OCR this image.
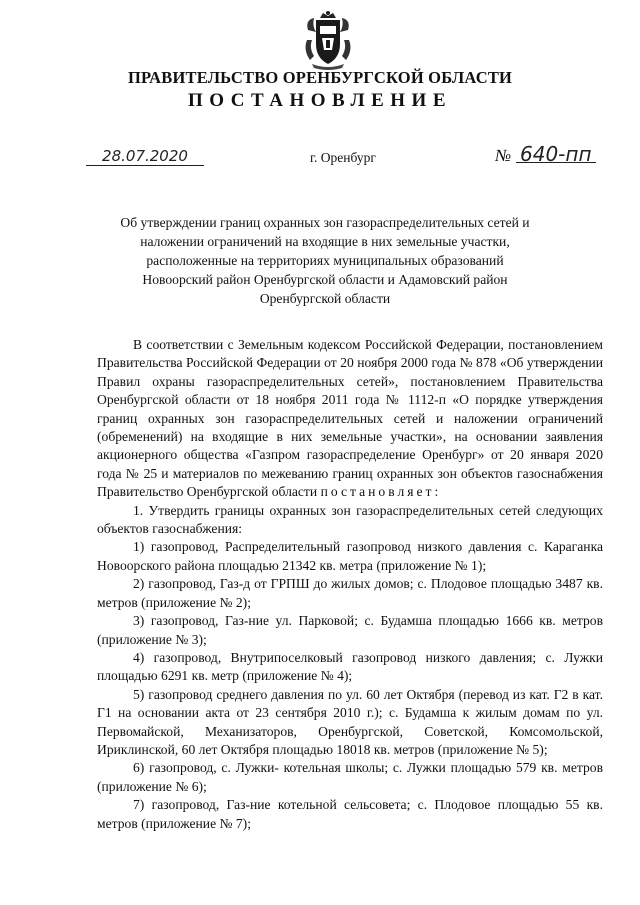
ПРАВИТЕЛЬСТВО ОРЕНБУРГСКОЙ ОБЛАСТИ
ПОСТАНОВЛЕНИЕ
28.07.2020	г. Оренбург	№ 640-пп
Об утверждении границ охранных зон газораспределительных сетей и
наложении ограничений на входящие в них земельные участки,
расположенные на территориях муниципальных образований
Новоорский район Оренбургской области и Адамовский район
Оренбургской области

В соответствии с Земельным кодексом Российской Федерации, постановлением Правительства Российской Федерации от 20 ноября 2000 года № 878 «Об утверждении Правил охраны газораспределительных сетей», постановлением Правительства Оренбургской области от 18 ноября 2011 года № 1112-п «О порядке утверждения границ охранных зон газораспределительных сетей и наложении ограничений (обременений) на входящие в них земельные участки», на основании заявления акционерного общества «Газпром газораспределение Оренбург» от 20 января 2020 года № 25 и материалов по межеванию границ охранных зон объектов газоснабжения Правительство Оренбургской области постановляет:

1. Утвердить границы охранных зон газораспределительных сетей следующих объектов газоснабжения:

1) газопровод, Распределительный газопровод низкого давления с. Караганка Новоорского района площадью 21342 кв. метра (приложение № 1);

2) газопровод, Газ-д от ГРПШ до жилых домов; с. Плодовое площадью 3487 кв. метров (приложение № 2);

3) газопровод, Газ-ние ул. Парковой; с. Будамша площадью 1666 кв. метров (приложение № 3);

4) газопровод, Внутрипоселковый газопровод низкого давления; с. Лужки площадью 6291 кв. метр (приложение № 4);

5) газопровод среднего давления по ул. 60 лет Октября (перевод из кат. Г2 в кат. Г1 на основании акта от 23 сентября 2010 г.); с. Будамша к жилым домам по ул. Первомайской, Механизаторов, Оренбургской, Советской, Комсомольской, Ириклинской, 60 лет Октября площадью 18018 кв. метров (приложение № 5);

6) газопровод, с. Лужки- котельная школы; с. Лужки площадью 579 кв. метров (приложение № 6);

7) газопровод, Газ-ние котельной сельсовета; с. Плодовое площадью 55 кв. метров (приложение № 7);
